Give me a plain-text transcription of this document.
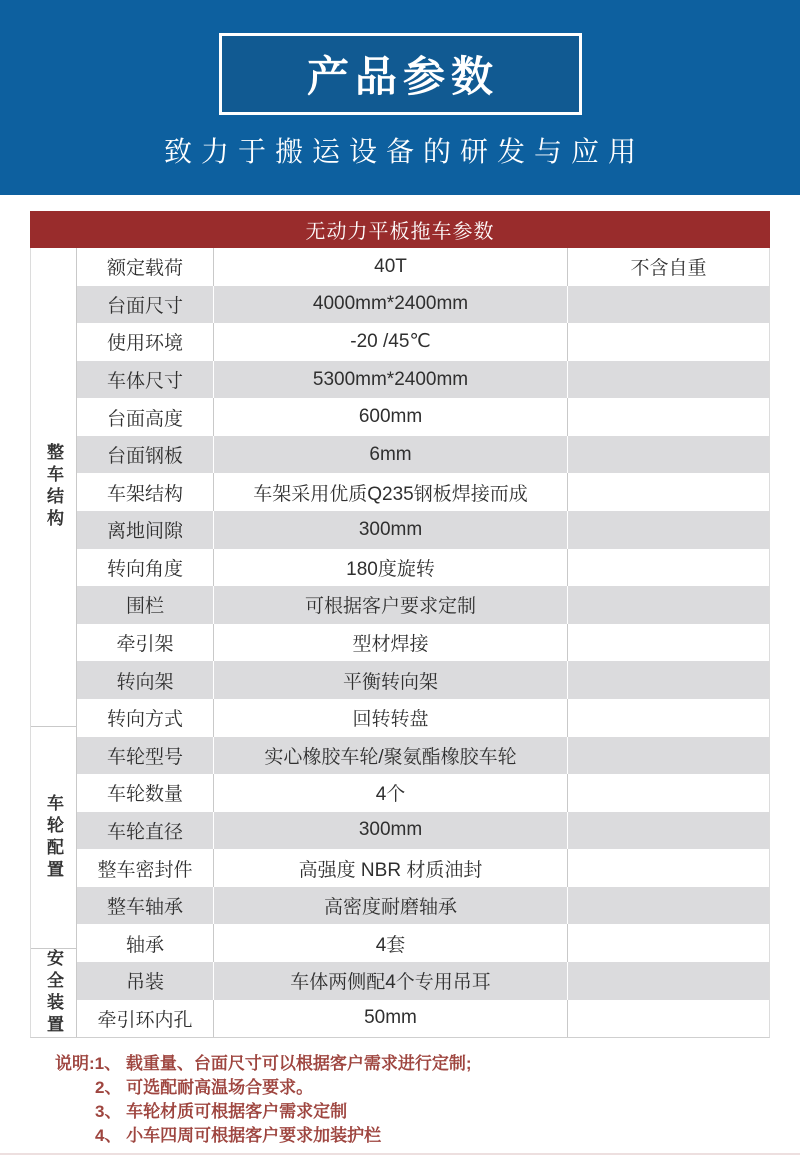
产品参数
致力于搬运设备的研发与应用
无动力平板拖车参数
整车结构
车轮配置
安全装置
额定载荷	40T	不含自重
台面尺寸	4000mm*2400mm
使用环境	-20 /45℃
车体尺寸	5300mm*2400mm
台面高度	600mm
台面钢板	6mm
车架结构	车架采用优质Q235钢板焊接而成
离地间隙	300mm
转向角度	180度旋转
围栏	可根据客户要求定制
牵引架	型材焊接
转向架	平衡转向架
转向方式	回转转盘
车轮型号	实心橡胶车轮/聚氨酯橡胶车轮
车轮数量	4个
车轮直径	300mm
整车密封件	高强度 NBR 材质油封
整车轴承	高密度耐磨轴承
轴承	4套
吊装	车体两侧配4个专用吊耳
牵引环内孔	50mm
说明:1、 载重量、台面尺寸可以根据客户需求进行定制;
2、 可选配耐高温场合要求。
3、 车轮材质可根据客户需求定制
4、 小车四周可根据客户要求加装护栏
